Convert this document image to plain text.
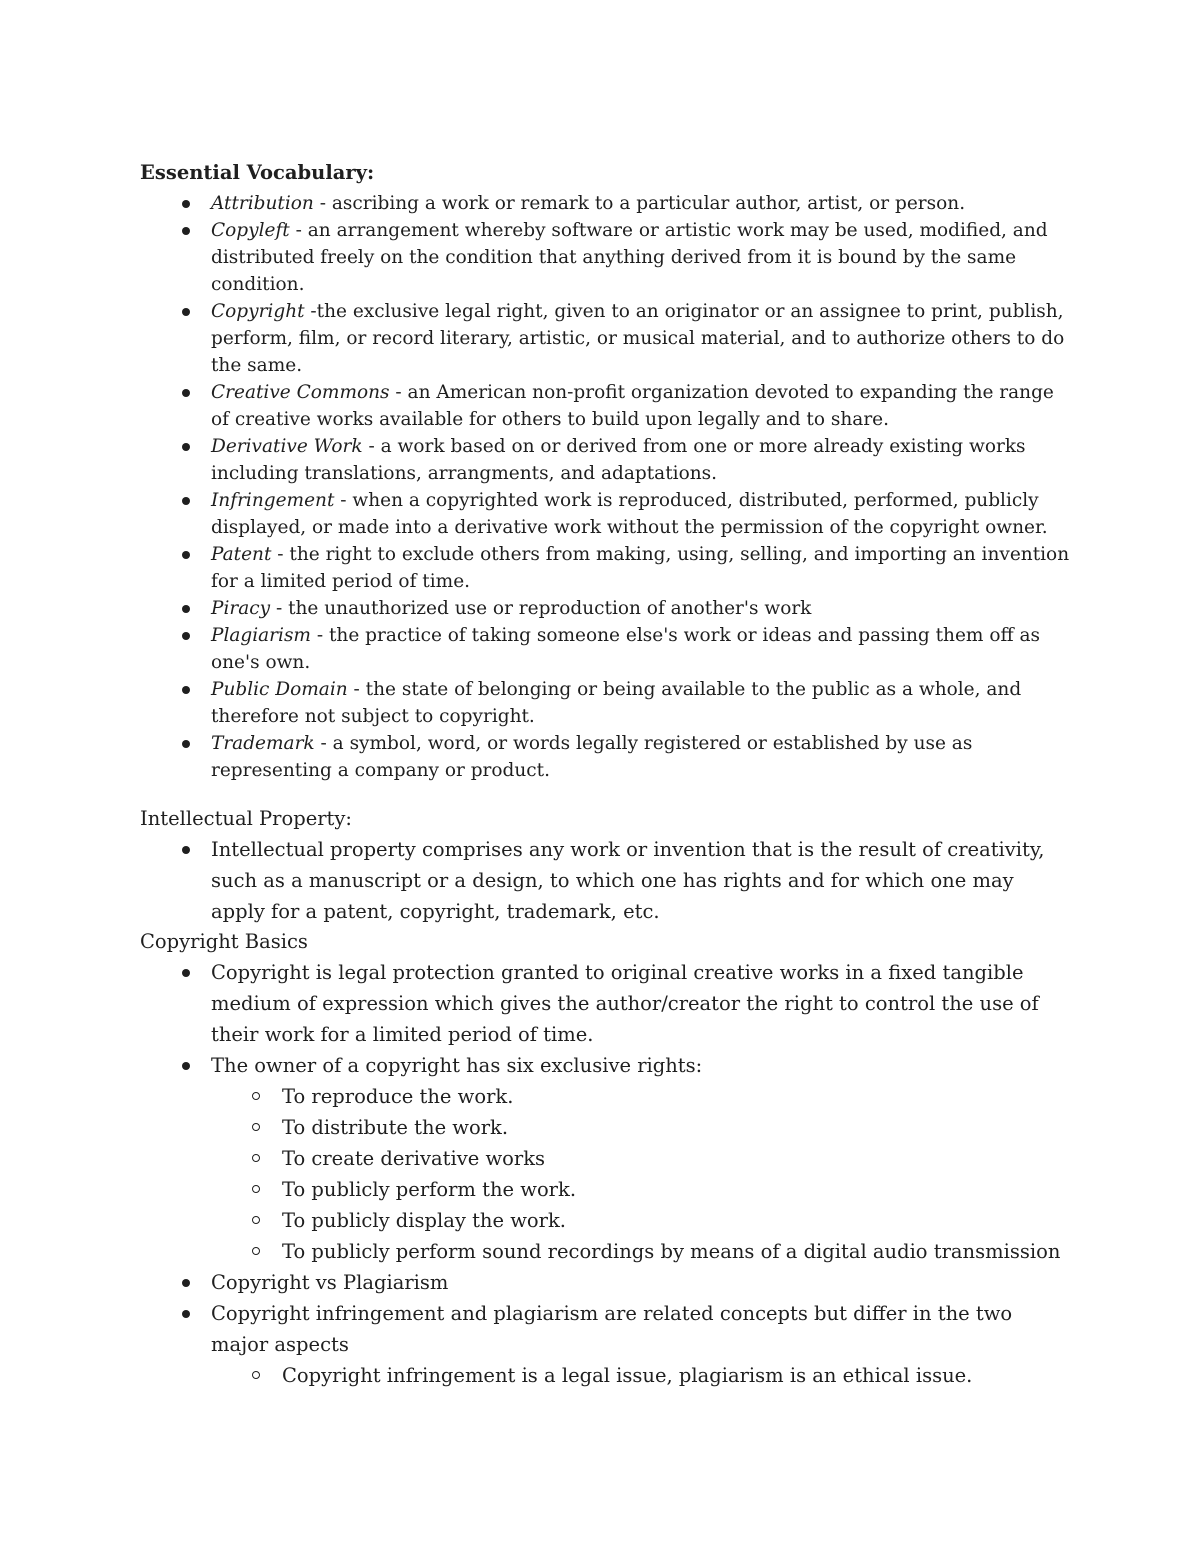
Essential Vocabulary:
Attribution - ascribing a work or remark to a particular author, artist, or person.
Copyleft - an arrangement whereby software or artistic work may be used, modified, and distributed freely on the condition that anything derived from it is bound by the same condition.
Copyright -the exclusive legal right, given to an originator or an assignee to print, publish, perform, film, or record literary, artistic, or musical material, and to authorize others to do the same.
Creative Commons - an American non-profit organization devoted to expanding the range of creative works available for others to build upon legally and to share.
Derivative Work - a work based on or derived from one or more already existing works including translations, arrangments, and adaptations.
Infringement - when a copyrighted work is reproduced, distributed, performed, publicly displayed, or made into a derivative work without the permission of the copyright owner.
Patent - the right to exclude others from making, using, selling, and importing an invention for a limited period of time.
Piracy - the unauthorized use or reproduction of another's work
Plagiarism - the practice of taking someone else's work or ideas and passing them off as one's own.
Public Domain - the state of belonging or being available to the public as a whole, and therefore not subject to copyright.
Trademark - a symbol, word, or words legally registered or established by use as representing a company or product.
Intellectual Property:
Intellectual property comprises any work or invention that is the result of creativity, such as a manuscript or a design, to which one has rights and for which one may apply for a patent, copyright, trademark, etc.
Copyright Basics
Copyright is legal protection granted to original creative works in a fixed tangible medium of expression which gives the author/creator the right to control the use of their work for a limited period of time.
The owner of a copyright has six exclusive rights:
To reproduce the work.
To distribute the work.
To create derivative works
To publicly perform the work.
To publicly display the work.
To publicly perform sound recordings by means of a digital audio transmission
Copyright vs Plagiarism
Copyright infringement and plagiarism are related concepts but differ in the two major aspects
Copyright infringement is a legal issue, plagiarism is an ethical issue.
